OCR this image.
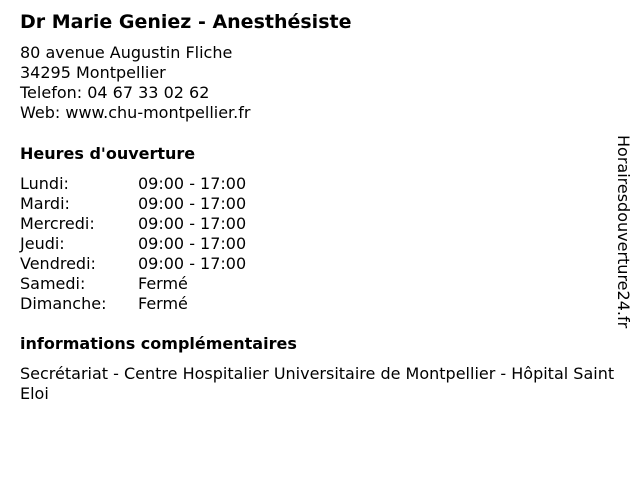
Dr Marie Geniez - Anesthésiste
80 avenue Augustin Fliche
34295 Montpellier
Telefon: 04 67 33 02 62
Web: www.chu-montpellier.fr
Heures d'ouverture
Lundi:	09:00 - 17:00
Mardi:	09:00 - 17:00
Mercredi:	09:00 - 17:00
Jeudi:	09:00 - 17:00
Vendredi:	09:00 - 17:00
Samedi:	Fermé
Dimanche: Fermé
informations complémentaires
Secrétariat - Centre Hospitalier Universitaire de Montpellier - Hôpital Saint Eloi
Horairesdouverture24.fr
